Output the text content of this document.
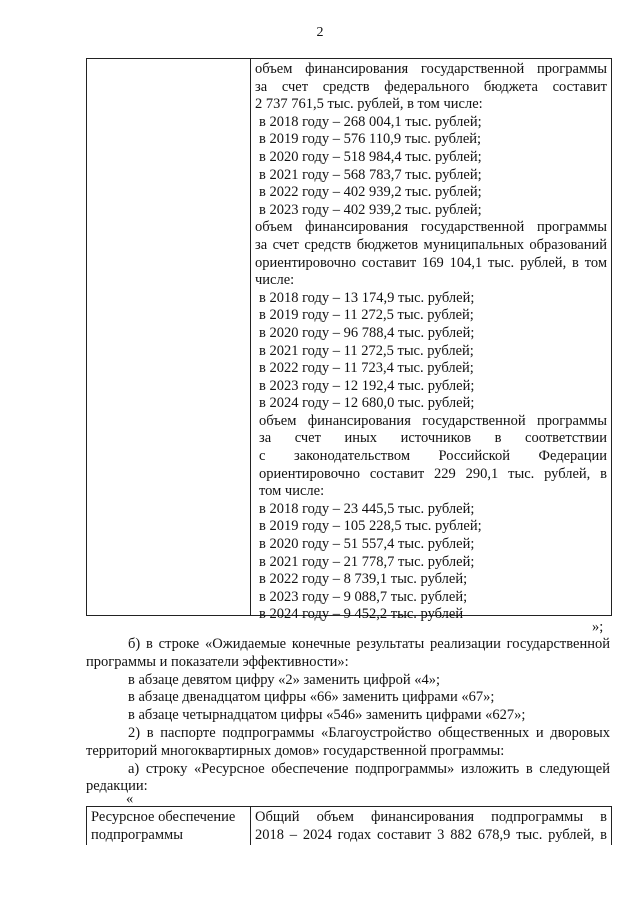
2
объем финансирования государственной программы
за счет средств федерального бюджета составит
2 737 761,5 тыс. рублей, в том числе:
в 2018 году – 268 004,1 тыс. рублей;
в 2019 году – 576 110,9 тыс. рублей;
в 2020 году – 518 984,4 тыс. рублей;
в 2021 году – 568 783,7 тыс. рублей;
в 2022 году – 402 939,2 тыс. рублей;
в 2023 году – 402 939,2 тыс. рублей;
объем финансирования государственной программы
за счет средств бюджетов муниципальных образований
ориентировочно составит 169 104,1 тыс. рублей, в том
числе:
в 2018 году – 13 174,9 тыс. рублей;
в 2019 году – 11 272,5 тыс. рублей;
в 2020 году – 96 788,4 тыс. рублей;
в 2021 году – 11 272,5 тыс. рублей;
в 2022 году – 11 723,4 тыс. рублей;
в 2023 году – 12 192,4 тыс. рублей;
в 2024 году – 12 680,0 тыс. рублей;
объем финансирования государственной программы
за счет иных источников в соответствии
с законодательством Российской Федерации
ориентировочно составит 229 290,1 тыс. рублей, в
том числе:
в 2018 году – 23 445,5 тыс. рублей;
в 2019 году – 105 228,5 тыс. рублей;
в 2020 году – 51 557,4 тыс. рублей;
в 2021 году – 21 778,7 тыс. рублей;
в 2022 году – 8 739,1 тыс. рублей;
в 2023 году – 9 088,7 тыс. рублей;
в 2024 году – 9 452,2 тыс. рублей
»;
б) в строке «Ожидаемые конечные результаты реализации государственной
программы и показатели эффективности»:
в абзаце девятом цифру «2» заменить цифрой «4»;
в абзаце двенадцатом цифры «66» заменить цифрами «67»;
в абзаце четырнадцатом цифры «546» заменить цифрами «627»;
2) в паспорте подпрограммы «Благоустройство общественных и дворовых
территорий многоквартирных домов» государственной программы:
а) строку «Ресурсное обеспечение подпрограммы» изложить в следующей
редакции:
«
Ресурсное обеспечение
подпрограммы
Общий объем финансирования подпрограммы в
2018 – 2024 годах составит 3 882 678,9 тыс. рублей, в
